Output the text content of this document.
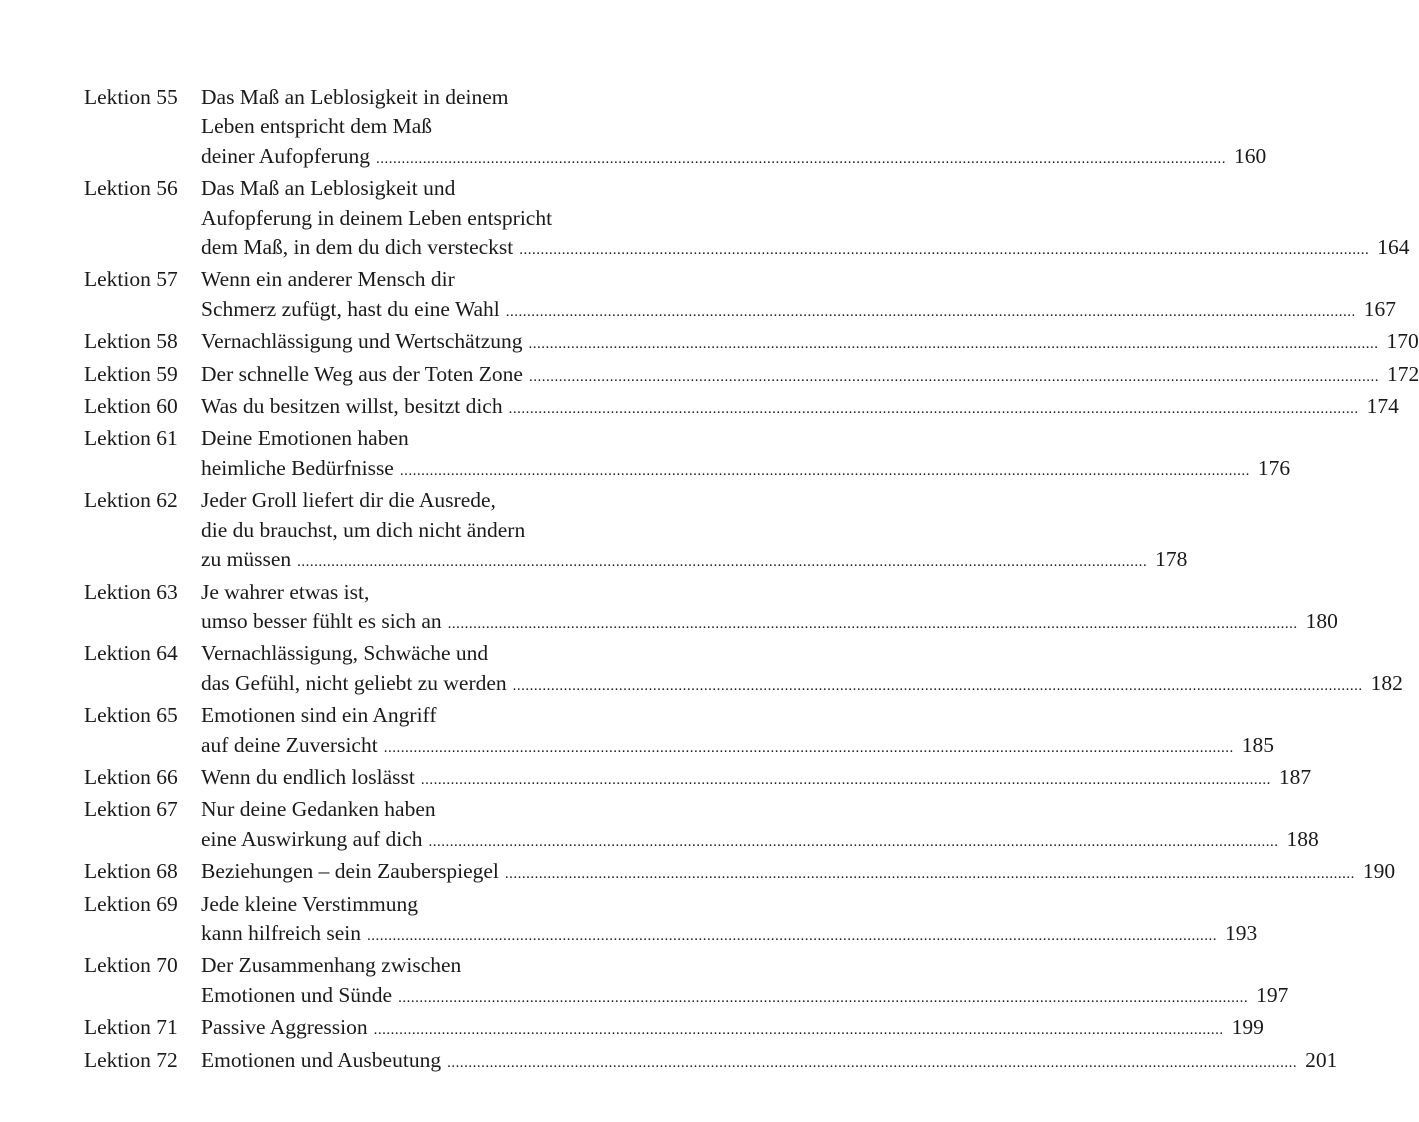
Lektion 55	Das Maß an Leblosigkeit in deinem
Leben entspricht dem Maß
deiner Aufopferung ........................................................................................................................................................................................................ 160
Lektion 56	Das Maß an Leblosigkeit und
Aufopferung in deinem Leben entspricht
dem Maß, in dem du dich versteckst ........................................................................................................................................................................................................ 164
Lektion 57	Wenn ein anderer Mensch dir
Schmerz zufügt, hast du eine Wahl ........................................................................................................................................................................................................ 167
Lektion 58	Vernachlässigung und Wertschätzung ........................................................................................................................................................................................................ 170
Lektion 59	Der schnelle Weg aus der Toten Zone ........................................................................................................................................................................................................ 172
Lektion 60	Was du besitzen willst, besitzt dich ........................................................................................................................................................................................................ 174
Lektion 61	Deine Emotionen haben
heimliche Bedürfnisse ........................................................................................................................................................................................................ 176
Lektion 62	Jeder Groll liefert dir die Ausrede,
die du brauchst, um dich nicht ändern
zu müssen ........................................................................................................................................................................................................ 178
Lektion 63	Je wahrer etwas ist,
umso besser fühlt es sich an ........................................................................................................................................................................................................ 180
Lektion 64	Vernachlässigung, Schwäche und
das Gefühl, nicht geliebt zu werden ........................................................................................................................................................................................................ 182
Lektion 65	Emotionen sind ein Angriff
auf deine Zuversicht ........................................................................................................................................................................................................ 185
Lektion 66	Wenn du endlich loslässt ........................................................................................................................................................................................................ 187
Lektion 67	Nur deine Gedanken haben
eine Auswirkung auf dich ........................................................................................................................................................................................................ 188
Lektion 68	Beziehungen – dein Zauberspiegel ........................................................................................................................................................................................................ 190
Lektion 69	Jede kleine Verstimmung
kann hilfreich sein ........................................................................................................................................................................................................ 193
Lektion 70	Der Zusammenhang zwischen
Emotionen und Sünde ........................................................................................................................................................................................................ 197
Lektion 71	Passive Aggression ........................................................................................................................................................................................................ 199
Lektion 72	Emotionen und Ausbeutung ........................................................................................................................................................................................................ 201
